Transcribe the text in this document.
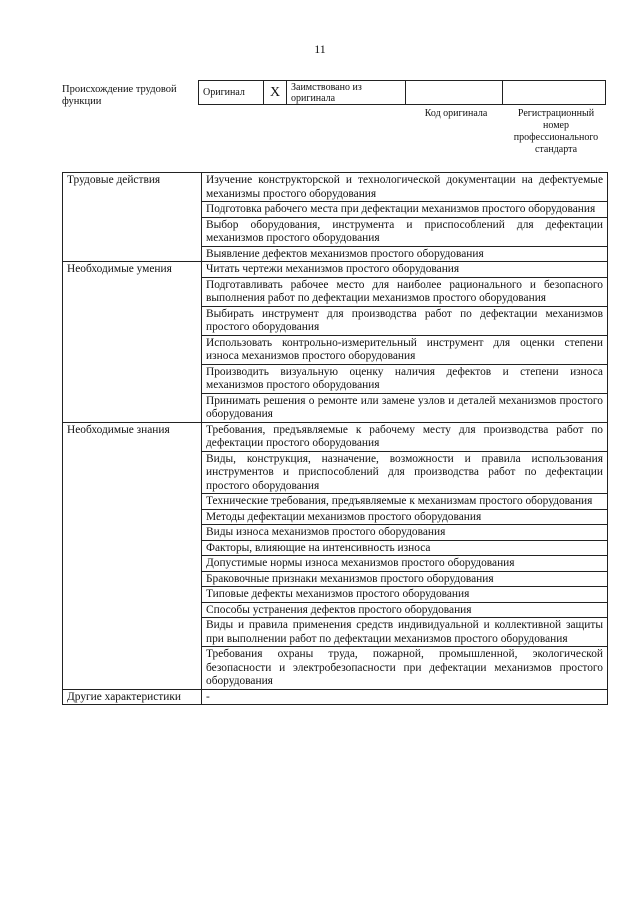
11
Происхождение трудовой функции
Оригинал	X	Заимствовано из оригинала		
Код оригинала	Регистрационный номер профессионального стандарта
Трудовые действия	Изучение конструкторской и технологической документации на дефектуемые механизмы простого оборудования
	Подготовка рабочего места при дефектации механизмов простого оборудования
	Выбор оборудования, инструмента и приспособлений для дефектации механизмов простого оборудования
	Выявление дефектов механизмов простого оборудования
Необходимые умения	Читать чертежи механизмов простого оборудования
	Подготавливать рабочее место для наиболее рационального и безопасного выполнения работ по дефектации механизмов простого оборудования
	Выбирать инструмент для производства работ по дефектации механизмов простого оборудования
	Использовать контрольно-измерительный инструмент для оценки степени износа механизмов простого оборудования
	Производить визуальную оценку наличия дефектов и степени износа механизмов простого оборудования
	Принимать решения о ремонте или замене узлов и деталей механизмов простого оборудования
Необходимые знания	Требования, предъявляемые к рабочему месту для производства работ по дефектации простого оборудования
	Виды, конструкция, назначение, возможности и правила использования инструментов и приспособлений для производства работ по дефектации простого оборудования
	Технические требования, предъявляемые к механизмам простого оборудования
	Методы дефектации механизмов простого оборудования
	Виды износа механизмов простого оборудования
	Факторы, влияющие на интенсивность износа
	Допустимые нормы износа механизмов простого оборудования
	Браковочные признаки механизмов простого оборудования
	Типовые дефекты механизмов простого оборудования
	Способы устранения дефектов простого оборудования
	Виды и правила применения средств индивидуальной и коллективной защиты при выполнении работ по дефектации механизмов простого оборудования
	Требования охраны труда, пожарной, промышленной, экологической безопасности и электробезопасности при дефектации механизмов простого оборудования
Другие характеристики	-
